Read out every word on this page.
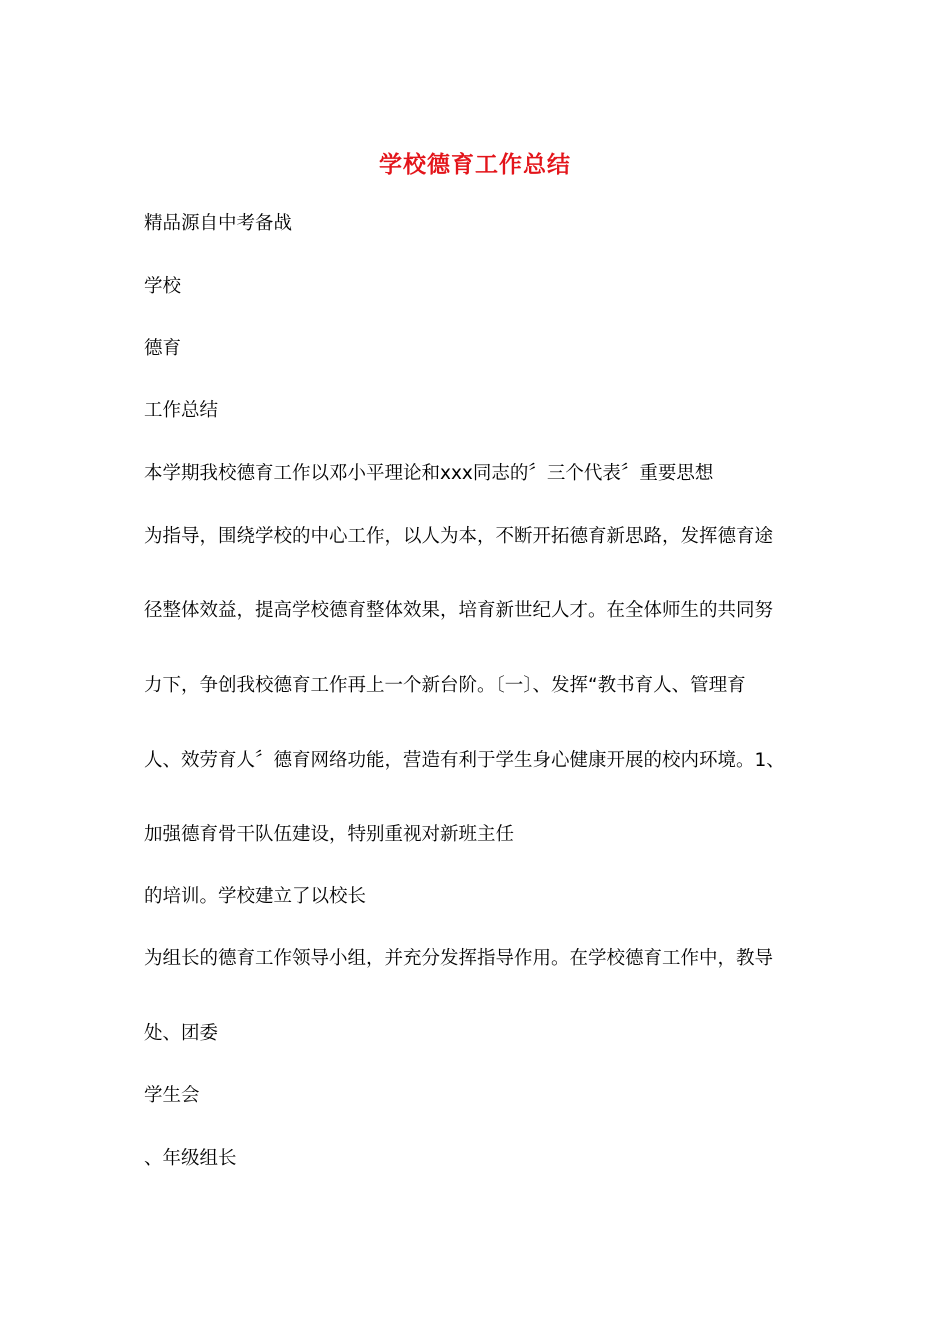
学校德育工作总结
精品源自中考备战
学校
德育
工作总结
本学期我校德育工作以邓小平理论和xxx同志的〞三个代表〞重要思想
为指导，围绕学校的中心工作，以人为本，不断开拓德育新思路，发挥德育途
径整体效益，提高学校德育整体效果，培育新世纪人才。在全体师生的共同努
力下，争创我校德育工作再上一个新台阶。〔一〕、发挥“教书育人、管理育
人、效劳育人〞德育网络功能，营造有利于学生身心健康开展的校内环境。1、
加强德育骨干队伍建设，特别重视对新班主任
的培训。学校建立了以校长
为组长的德育工作领导小组，并充分发挥指导作用。在学校德育工作中，教导
处、团委
学生会
、年级组长
